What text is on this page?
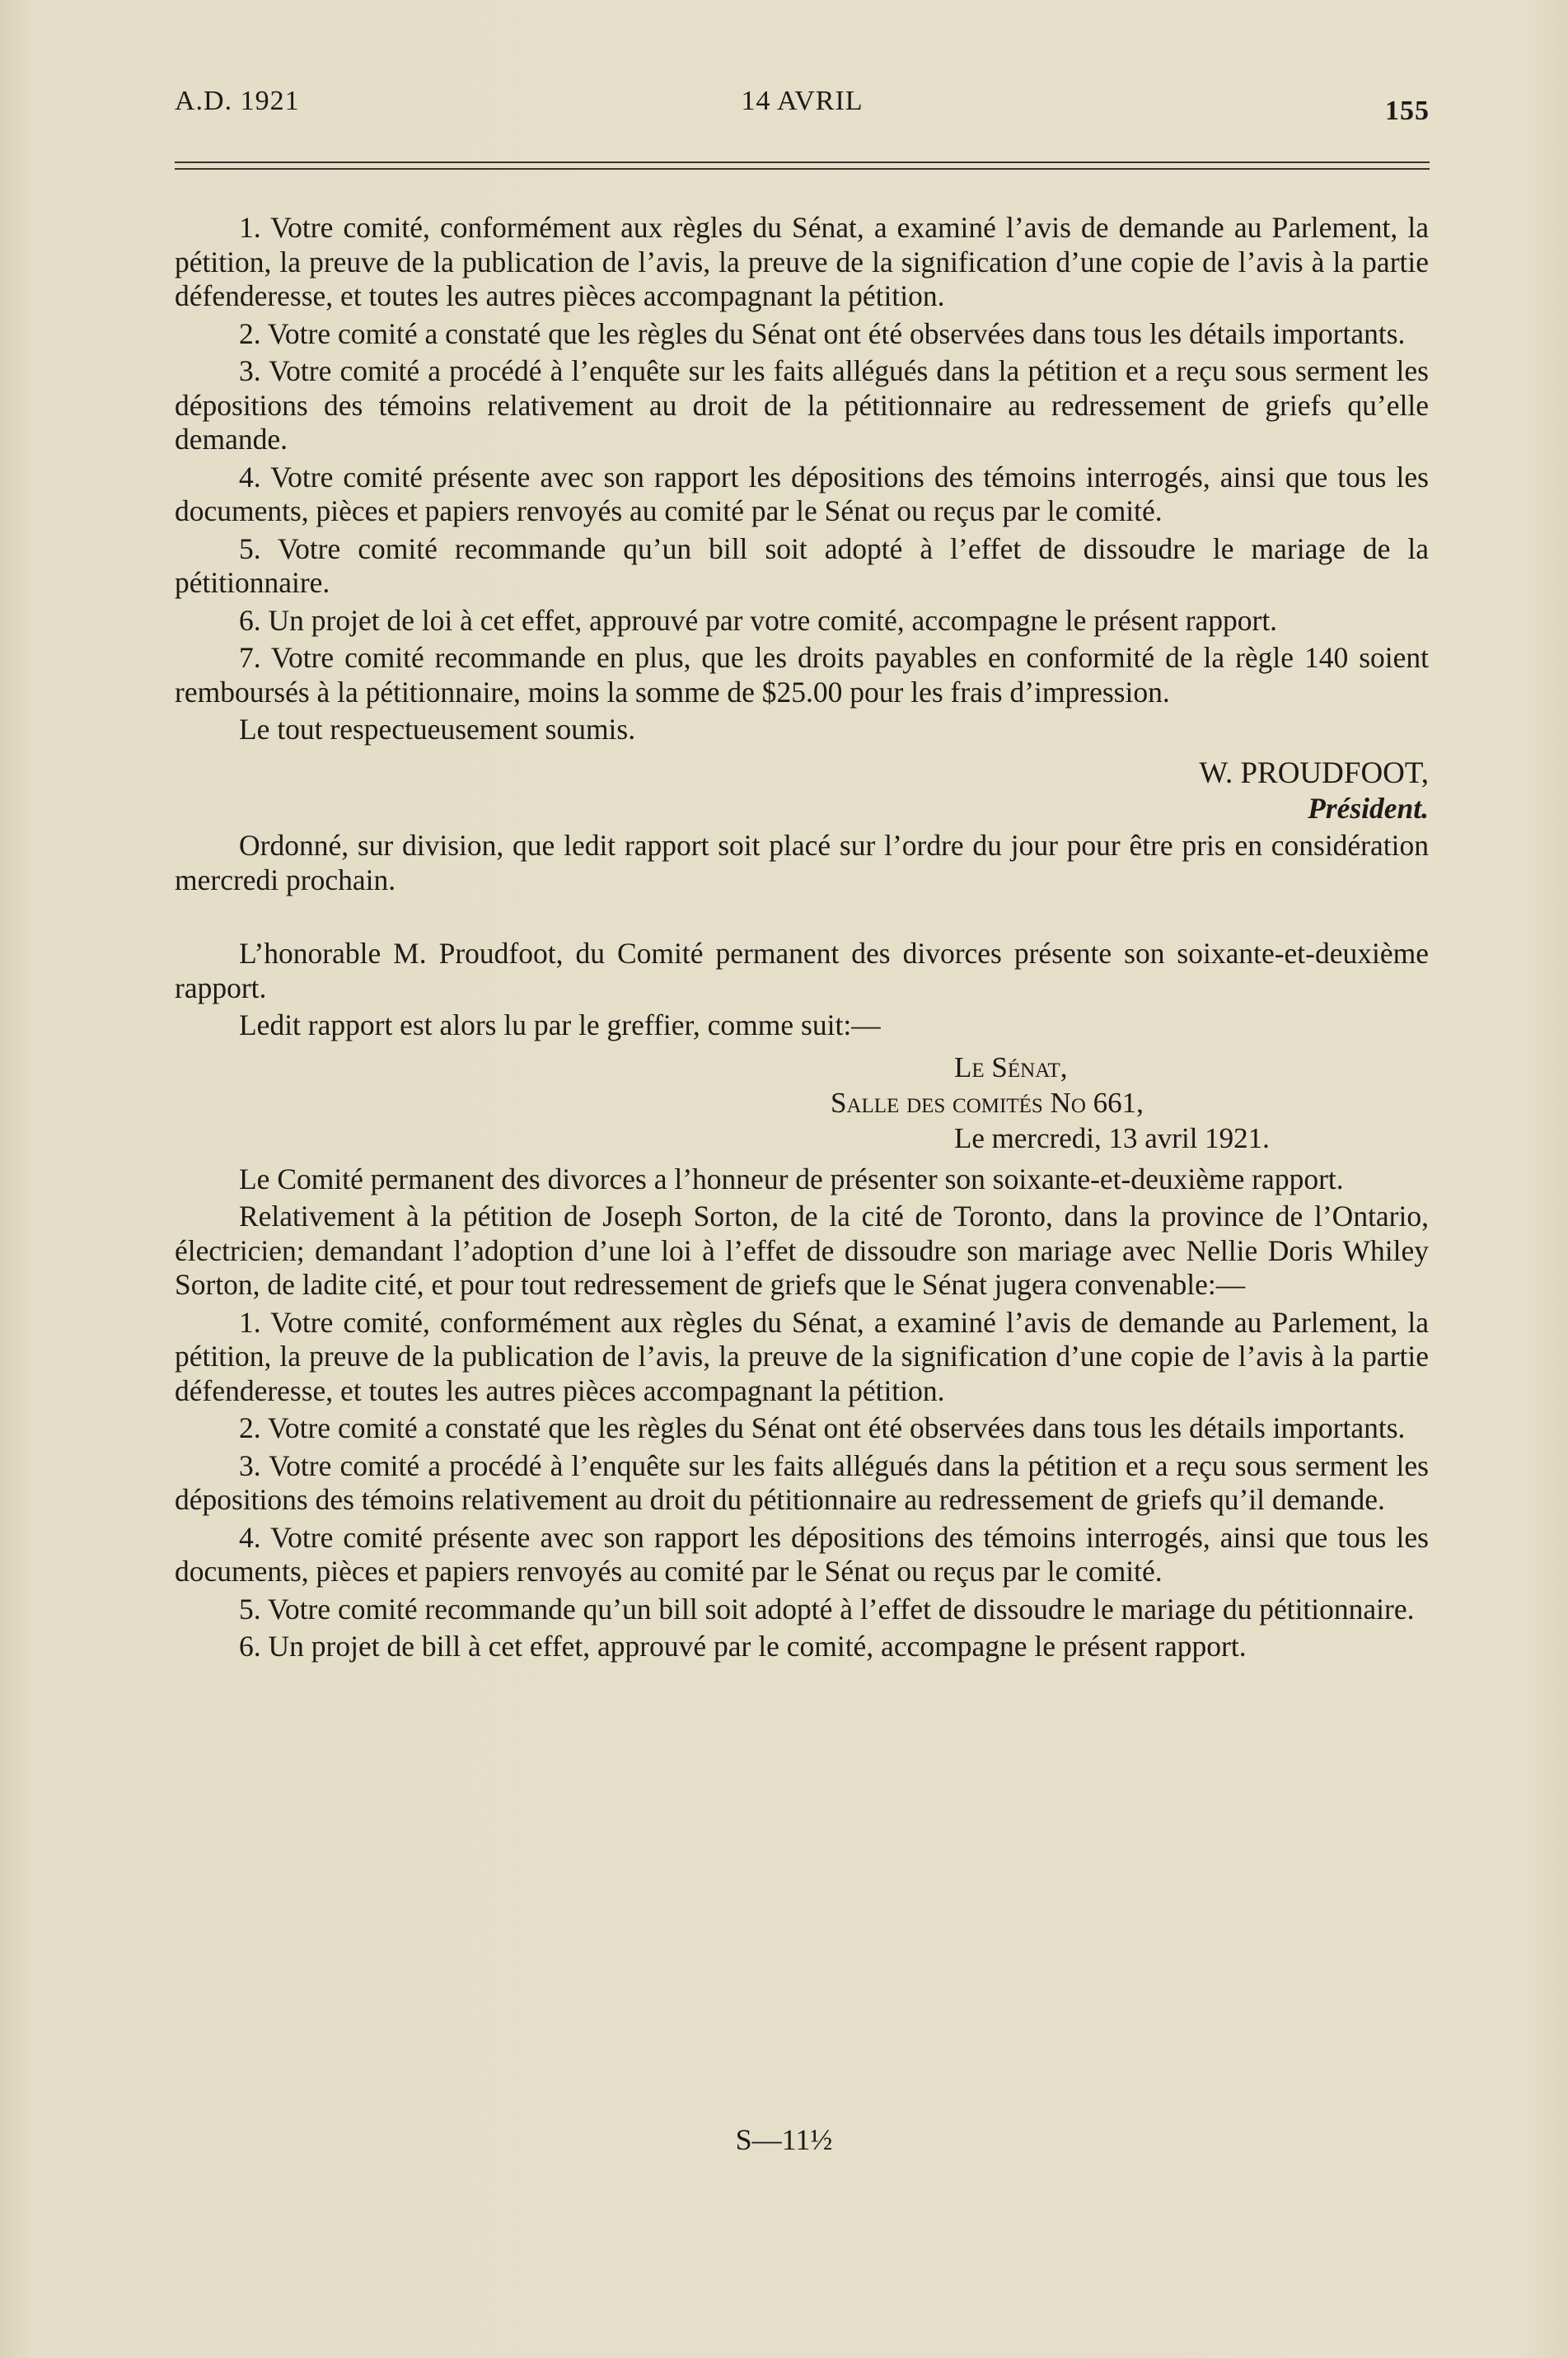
A.D. 1921	14 AVRIL	155

1. Votre comité, conformément aux règles du Sénat, a examiné l’avis de demande au Parlement, la pétition, la preuve de la publication de l’avis, la preuve de la signification d’une copie de l’avis à la partie défenderesse, et toutes les autres pièces accompagnant la pétition.

2. Votre comité a constaté que les règles du Sénat ont été observées dans tous les détails importants.

3. Votre comité a procédé à l’enquête sur les faits allégués dans la pétition et a reçu sous serment les dépositions des témoins relativement au droit de la pétitionnaire au redressement de griefs qu’elle demande.

4. Votre comité présente avec son rapport les dépositions des témoins interrogés, ainsi que tous les documents, pièces et papiers renvoyés au comité par le Sénat ou reçus par le comité.

5. Votre comité recommande qu’un bill soit adopté à l’effet de dissoudre le mariage de la pétitionnaire.

6. Un projet de loi à cet effet, approuvé par votre comité, accompagne le présent rapport.

7. Votre comité recommande en plus, que les droits payables en conformité de la règle 140 soient remboursés à la pétitionnaire, moins la somme de $25.00 pour les frais d’impression.

Le tout respectueusement soumis.

W. PROUDFOOT,

Président.

Ordonné, sur division, que ledit rapport soit placé sur l’ordre du jour pour être pris en considération mercredi prochain.

L’honorable M. Proudfoot, du Comité permanent des divorces présente son soixante-et-deuxième rapport.

Ledit rapport est alors lu par le greffier, comme suit:—

Le Sénat,
Salle des comités No 661,
Le mercredi, 13 avril 1921.

Le Comité permanent des divorces a l’honneur de présenter son soixante-et-deuxième rapport.

Relativement à la pétition de Joseph Sorton, de la cité de Toronto, dans la province de l’Ontario, électricien; demandant l’adoption d’une loi à l’effet de dissoudre son mariage avec Nellie Doris Whiley Sorton, de ladite cité, et pour tout redressement de griefs que le Sénat jugera convenable:—

1. Votre comité, conformément aux règles du Sénat, a examiné l’avis de demande au Parlement, la pétition, la preuve de la publication de l’avis, la preuve de la signification d’une copie de l’avis à la partie défenderesse, et toutes les autres pièces accompagnant la pétition.

2. Votre comité a constaté que les règles du Sénat ont été observées dans tous les détails importants.

3. Votre comité a procédé à l’enquête sur les faits allégués dans la pétition et a reçu sous serment les dépositions des témoins relativement au droit du pétitionnaire au redressement de griefs qu’il demande.

4. Votre comité présente avec son rapport les dépositions des témoins interrogés, ainsi que tous les documents, pièces et papiers renvoyés au comité par le Sénat ou reçus par le comité.

5. Votre comité recommande qu’un bill soit adopté à l’effet de dissoudre le mariage du pétitionnaire.

6. Un projet de bill à cet effet, approuvé par le comité, accompagne le présent rapport.

S—11½
